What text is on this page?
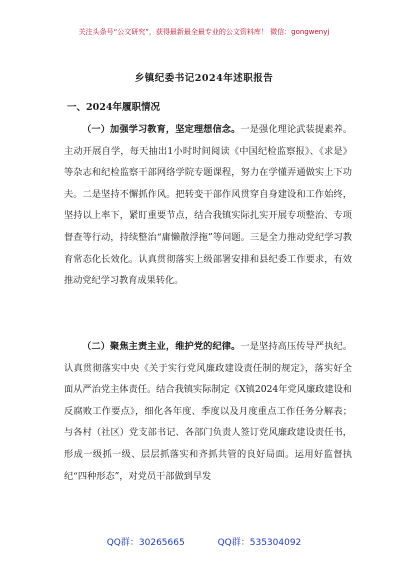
关注头条号“公文研究”，获得最新最全最专业的公文资料库！ 微信：gongwenyj
乡镇纪委书记2024年述职报告
一、2024年履职情况
（一）加强学习教育，坚定理想信念。一是强化理论武装提素养。主动开展自学，每天抽出1小时时间阅读《中国纪检监察报》、《求是》等杂志和纪检监察干部网络学院专题课程，努力在学懂弄通做实上下功夫。二是坚持不懈抓作风。把转变干部作风贯穿自身建设和工作始终，坚持以上率下，紧盯重要节点，结合我镇实际扎实开展专项整治、专项督查等行动，持续整治“庸懒散浮拖”等问题。三是全力推动党纪学习教育常态化长效化。认真贯彻落实上级部署安排和县纪委工作要求，有效推动党纪学习教育成果转化。
（二）聚焦主责主业，维护党的纪律。一是坚持高压传导严执纪。认真贯彻落实中央《关于实行党风廉政建设责任制的规定》，落实好全面从严治党主体责任。结合我镇实际制定《X镇2024年党风廉政建设和反腐败工作要点》，细化各年度、季度以及月度重点工作任务分解表；与各村（社区）党支部书记、各部门负责人签订党风廉政建设责任书，形成一级抓一级、层层抓落实和齐抓共管的良好局面。运用好监督执纪“四种形态”，对党员干部做到早发
QQ群：30265665	QQ群：535304092
